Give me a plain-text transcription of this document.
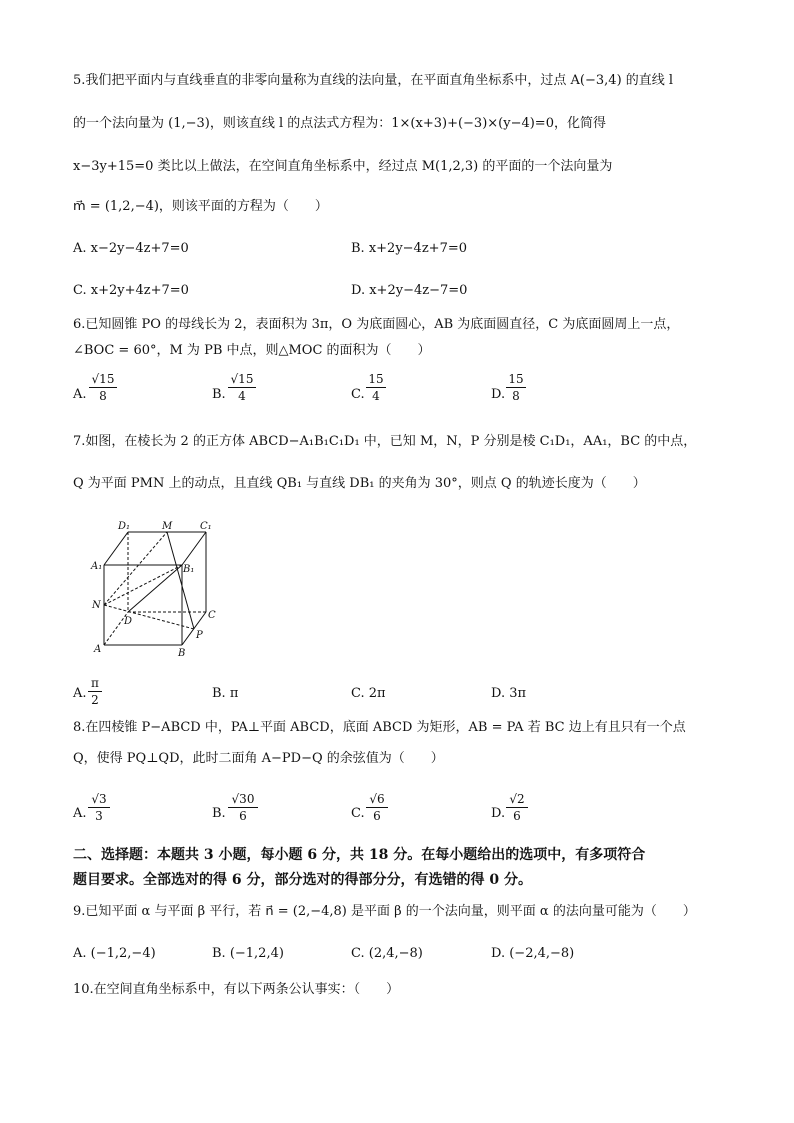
5.我们把平面内与直线垂直的非零向量称为直线的法向量，在平面直角坐标系中，过点 A(−3,4) 的直线 l
的一个法向量为 (1,−3)，则该直线 l 的点法式方程为：1×(x+3)+(−3)×(y−4)=0，化简得
x−3y+15=0 类比以上做法，在空间直角坐标系中，经过点 M(1,2,3) 的平面的一个法向量为
m⃗ = (1,2,−4)，则该平面的方程为（　　）
A. x−2y−4z+7=0	B. x+2y−4z+7=0
C. x+2y+4z+7=0	D. x+2y−4z−7=0
6.已知圆锥 PO 的母线长为 2，表面积为 3π，O 为底面圆心，AB 为底面圆直径，C 为底面圆周上一点，
∠BOC = 60°，M 为 PB 中点，则△MOC 的面积为（　　）
A.
√15
8	B.
√15
4	C.
15
4	D.
15
8
7.如图，在棱长为 2 的正方体 ABCD−A₁B₁C₁D₁ 中，已知 M，N，P 分别是棱 C₁D₁，AA₁，BC 的中点，
Q 为平面 PMN 上的动点，且直线 QB₁ 与直线 DB₁ 的夹角为 30°，则点 Q 的轨迹长度为（　　）
D₁	M	C₁
A₁	B₁
N
D
C
A
P
B
A.
π
2	B. π	C. 2π	D. 3π
8.在四棱锥 P−ABCD 中，PA⊥平面 ABCD，底面 ABCD 为矩形，AB = PA 若 BC 边上有且只有一个点
Q，使得 PQ⊥QD，此时二面角 A−PD−Q 的余弦值为（　　）
A.
√3
3	B.
√30
6	C.
√6
6	D.
√2
6
二、选择题：本题共 3 小题，每小题 6 分，共 18 分。在每小题给出的选项中，有多项符合
题目要求。全部选对的得 6 分，部分选对的得部分分，有选错的得 0 分。
9.已知平面 α 与平面 β 平行，若 n⃗ = (2,−4,8) 是平面 β 的一个法向量，则平面 α 的法向量可能为（　　）
A. (−1,2,−4)	B. (−1,2,4)	C. (2,4,−8)	D. (−2,4,−8)
10.在空间直角坐标系中，有以下两条公认事实：（　　）
